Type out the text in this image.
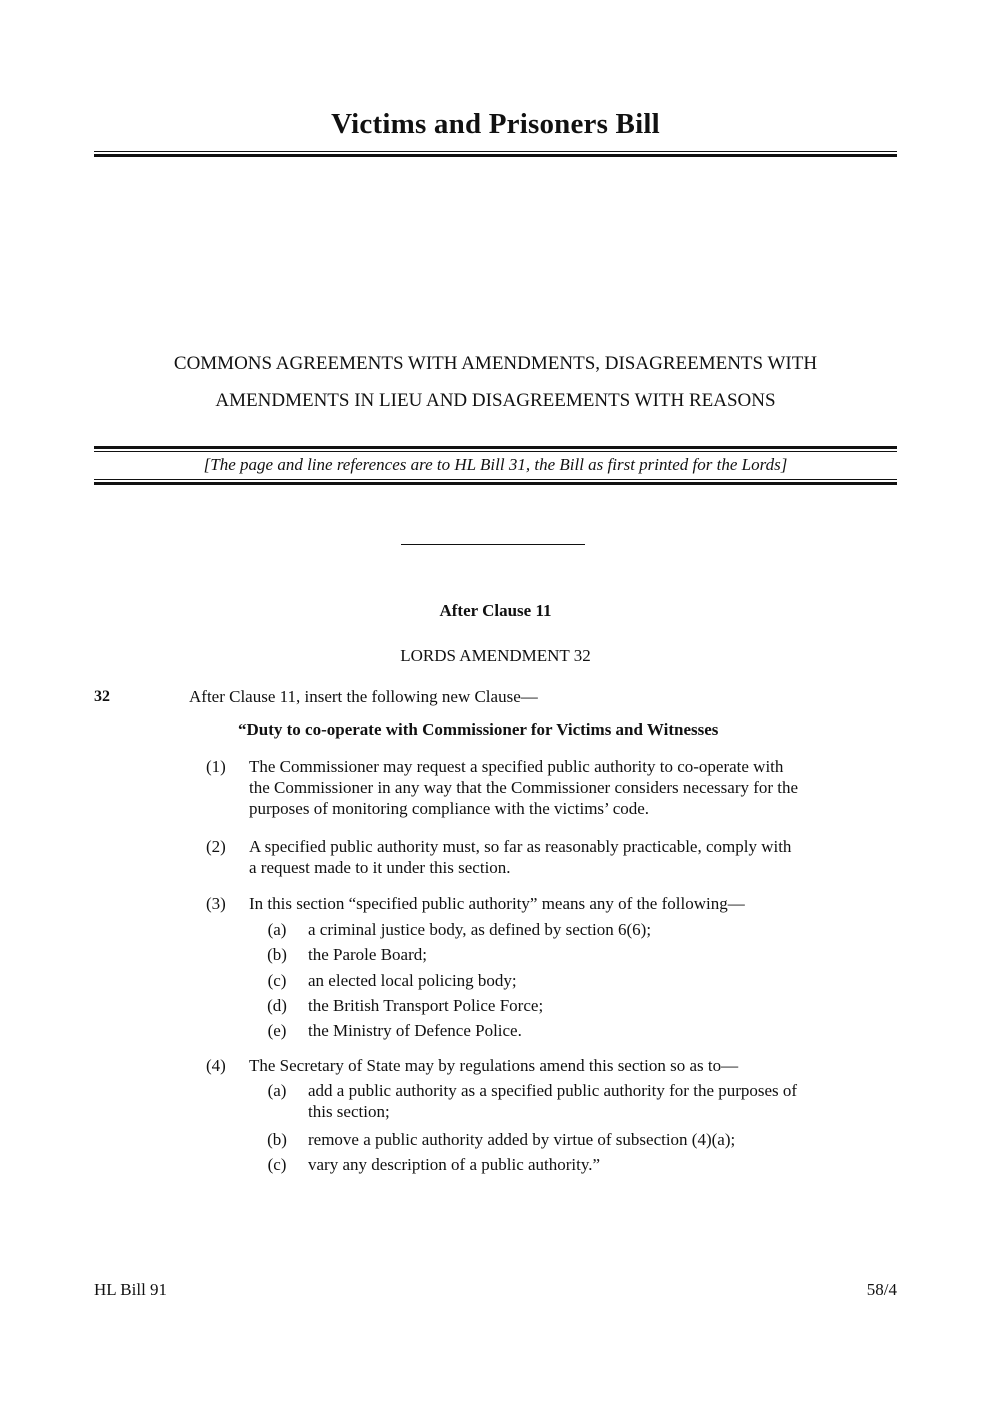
Victims and Prisoners Bill
COMMONS AGREEMENTS WITH AMENDMENTS, DISAGREEMENTS WITH
AMENDMENTS IN LIEU AND DISAGREEMENTS WITH REASONS
[The page and line references are to HL Bill 31, the Bill as first printed for the Lords]
After Clause 11
LORDS AMENDMENT 32
32	After Clause 11, insert the following new Clause—
“Duty to co-operate with Commissioner for Victims and Witnesses
(1) The Commissioner may request a specified public authority to co-operate with
the Commissioner in any way that the Commissioner considers necessary for the
purposes of monitoring compliance with the victims’ code.
(2) A specified public authority must, so far as reasonably practicable, comply with
a request made to it under this section.
(3) In this section “specified public authority” means any of the following—
(a) a criminal justice body, as defined by section 6(6);
(b) the Parole Board;
(c) an elected local policing body;
(d) the British Transport Police Force;
(e) the Ministry of Defence Police.
(4) The Secretary of State may by regulations amend this section so as to—
(a) add a public authority as a specified public authority for the purposes of
this section;
(b) remove a public authority added by virtue of subsection (4)(a);
(c) vary any description of a public authority.”
HL Bill 91	58/4
